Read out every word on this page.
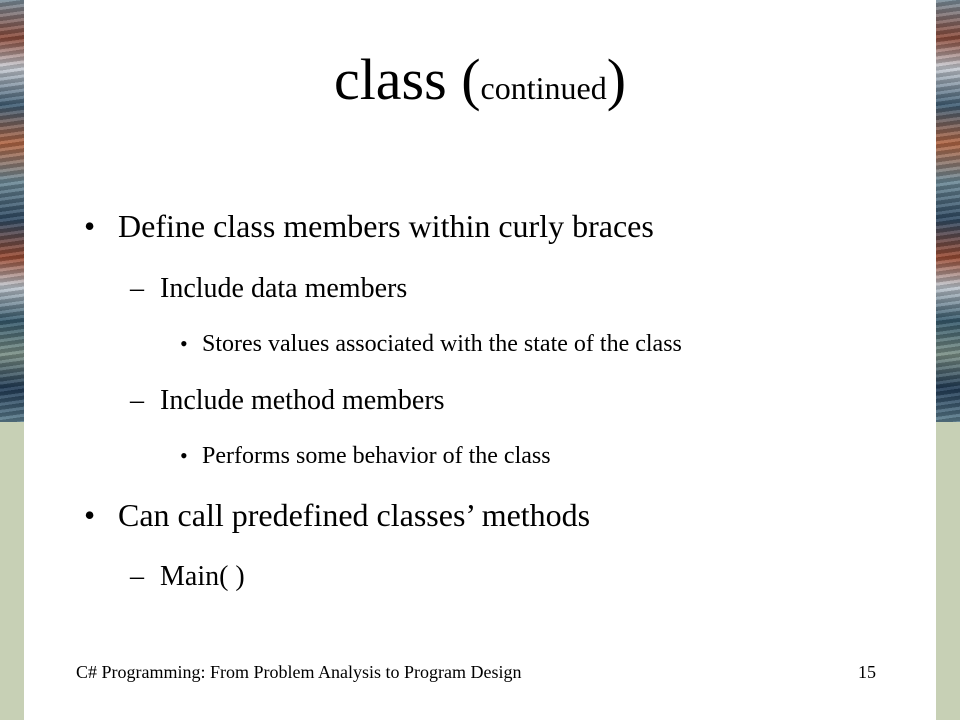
class (continued)
• Define class members within curly braces
– Include data members
• Stores values associated with the state of the class
– Include method members
• Performs some behavior of the class
• Can call predefined classes’ methods
– Main( )
C# Programming: From Problem Analysis to Program Design	15
